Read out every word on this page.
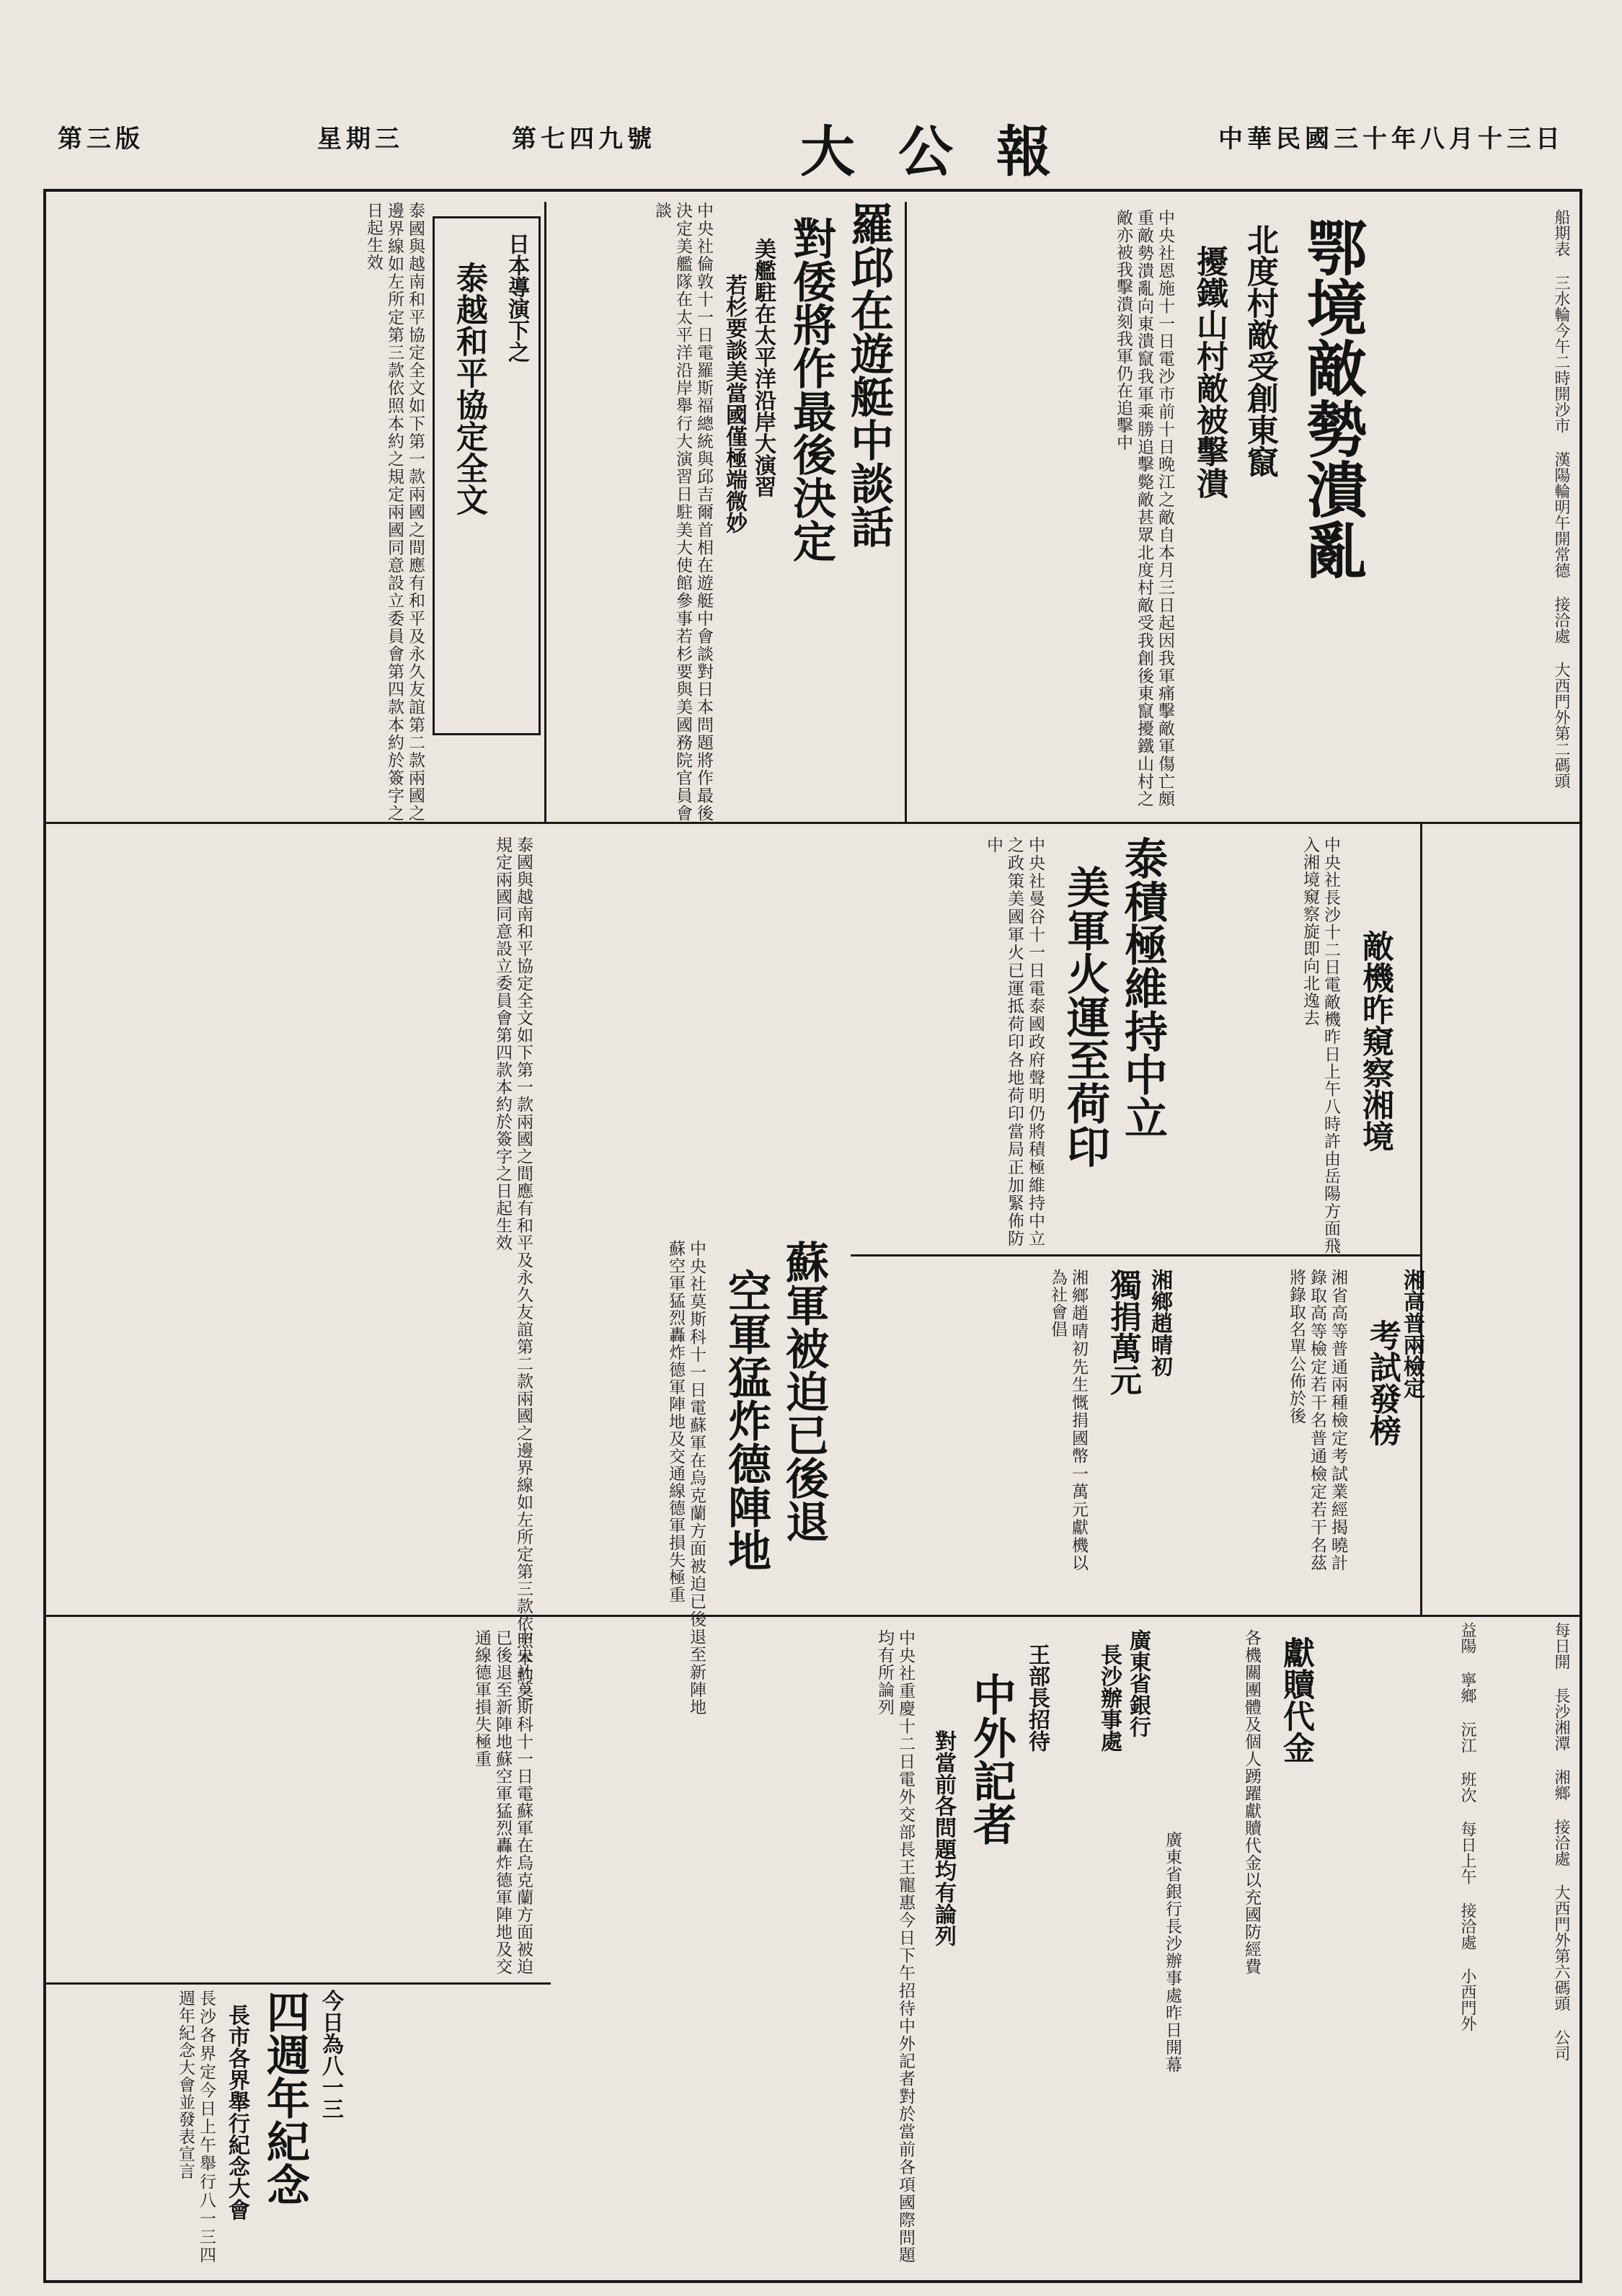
第三版	星期三	第七四九號	大公報	中華民國三十年八月十三日
鄂境敵勢潰亂
北度村敵受創東竄
擾鐵山村敵被擊潰
中央社恩施十一日電沙市前十日晚江之敵自本月三日起因我軍痛擊敵軍傷亡頗重敵勢潰亂向東潰竄我軍乘勝追擊斃敵甚眾北度村敵受我創後東竄擾鐵山村之敵亦被我擊潰刻我軍仍在追擊中
羅邱在遊艇中談話
對倭將作最後決定
美艦駐在太平洋沿岸大演習
若杉要談美當國僅極端微妙
中央社倫敦十一日電羅斯福總統與邱吉爾首相在遊艇中會談對日本問題將作最後決定美艦隊在太平洋沿岸舉行大演習日駐美大使館參事若杉要與美國務院官員會談
日本導演下之
泰越和平協定全文
泰國與越南和平協定全文如下第一款兩國之間應有和平及永久友誼第二款兩國之邊界線如左所定第三款依照本約之規定兩國同意設立委員會第四款本約於簽字之日起生效	船期表 三水輪今午二時開沙市 漢陽輪明午開常德 接洽處 大西門外第二碼頭
敵機昨窺察湘境
中央社長沙十二日電敵機昨日上午八時許由岳陽方面飛入湘境窺察旋即向北逸去
泰積極維持中立
美軍火運至荷印
中央社曼谷十一日電泰國政府聲明仍將積極維持中立之政策美國軍火已運抵荷印各地荷印當局正加緊佈防中
蘇軍被迫已後退
空軍猛炸德陣地
中央社莫斯科十一日電蘇軍在烏克蘭方面被迫已後退至新陣地蘇空軍猛烈轟炸德軍陣地及交通線德軍損失極重	獨捐萬元 湘鄉趙晴初
湘鄉趙晴初先生慨捐國幣一萬元獻機以為社會倡
考試發榜
湘高普兩檢定
湘省高等普通兩種檢定考試業經揭曉計錄取高等檢定若干名普通檢定若干名茲將錄取名單公佈於後
泰國與越南和平協定全文如下第一款兩國之間應有和平及永久友誼第二款兩國之邊界線如左所定第三款依照本約之規定兩國同意設立委員會第四款本約於簽字之日起生效
每日開 長沙湘潭 湘鄉 接洽處 大西門外第六碼頭 公司
益陽 寧鄉 沅江 班次 每日上午 接洽處 小西門外
獻贖代金
各機關團體及個人踴躍獻贖代金以充國防經費
廣東省銀行
長沙辦事處
廣東省銀行長沙辦事處昨日開幕
中外記者 王部長招待
對當前各問題均有論列
中央社重慶十二日電外交部長王寵惠今日下午招待中外記者對於當前各項國際問題均有所論列
今日為八一三
四週年紀念
長市各界舉行紀念大會
長沙各界定今日上午舉行八一三四週年紀念大會並發表宣言
中央社莫斯科十一日電蘇軍在烏克蘭方面被迫已後退至新陣地蘇空軍猛烈轟炸德軍陣地及交通線德軍損失極重
